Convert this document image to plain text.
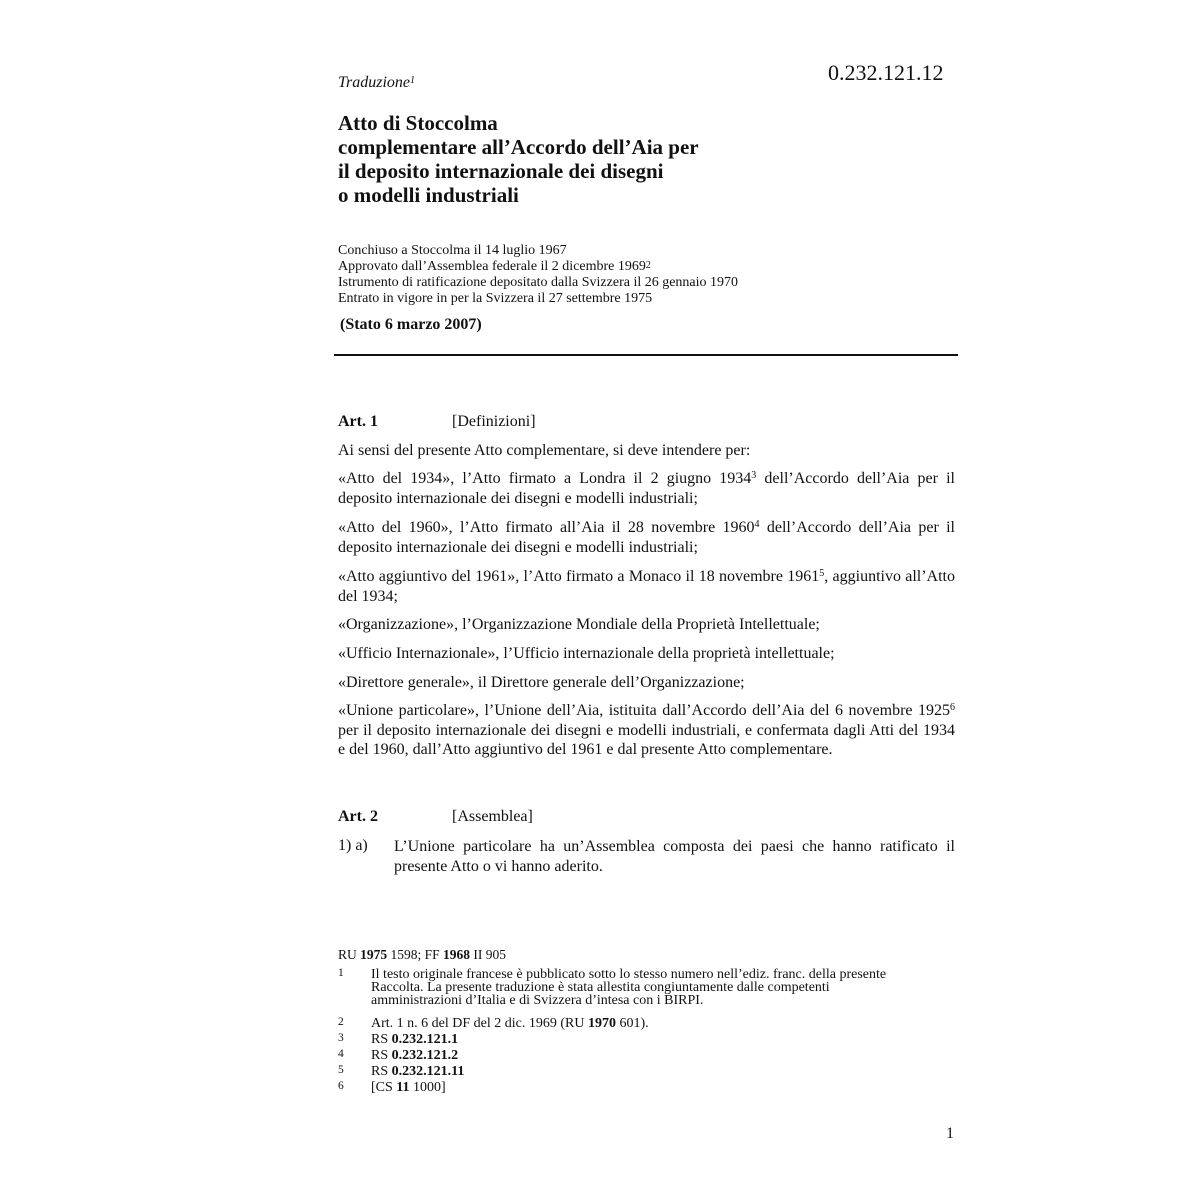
0.232.121.12
Traduzione$^1$
Atto di Stoccolma
complementare all’Accordo dell’Aia per
il deposito internazionale dei disegni
o modelli industriali
Conchiuso a Stoccolma il 14 luglio 1967
Approvato dall’Assemblea federale il 2 dicembre 1969$^2$
Istrumento di ratificazione depositato dalla Svizzera il 26 gennaio 1970
Entrato in vigore in per la Svizzera il 27 settembre 1975
(Stato 6 marzo 2007)
Art. 1	[Definizioni]
Ai sensi del presente Atto complementare, si deve intendere per:
«Atto del 1934», l’Atto firmato a Londra il 2 giugno 1934$^3$ dell’Accordo dell’Aia per il deposito internazionale dei disegni e modelli industriali;
«Atto del 1960», l’Atto firmato all’Aia il 28 novembre 1960$^4$ dell’Accordo dell’Aia per il deposito internazionale dei disegni e modelli industriali;
«Atto aggiuntivo del 1961», l’Atto firmato a Monaco il 18 novembre 1961$^5$, aggiuntivo all’Atto del 1934;
«Organizzazione», l’Organizzazione Mondiale della Proprietà Intellettuale;
«Ufficio Internazionale», l’Ufficio internazionale della proprietà intellettuale;
«Direttore generale», il Direttore generale dell’Organizzazione;
«Unione particolare», l’Unione dell’Aia, istituita dall’Accordo dell’Aia del 6 novembre 1925$^6$ per il deposito internazionale dei disegni e modelli industriali, e confermata dagli Atti del 1934 e del 1960, dall’Atto aggiuntivo del 1961 e dal presente Atto complementare.
Art. 2	[Assemblea]
1) a) L’Unione particolare ha un’Assemblea composta dei paesi che hanno ratificato il presente Atto o vi hanno aderito.
RU 1975 1598; FF 1968 II 905
1 Il testo originale francese è pubblicato sotto lo stesso numero nell’ediz. franc. della presente Raccolta. La presente traduzione è stata allestita congiuntamente dalle competenti amministrazioni d’Italia e di Svizzera d’intesa con i BIRPI.
2 Art. 1 n. 6 del DF del 2 dic. 1969 (RU 1970 601).
3 RS 0.232.121.1
4 RS 0.232.121.2
5 RS 0.232.121.11
6 [CS 11 1000]
1
